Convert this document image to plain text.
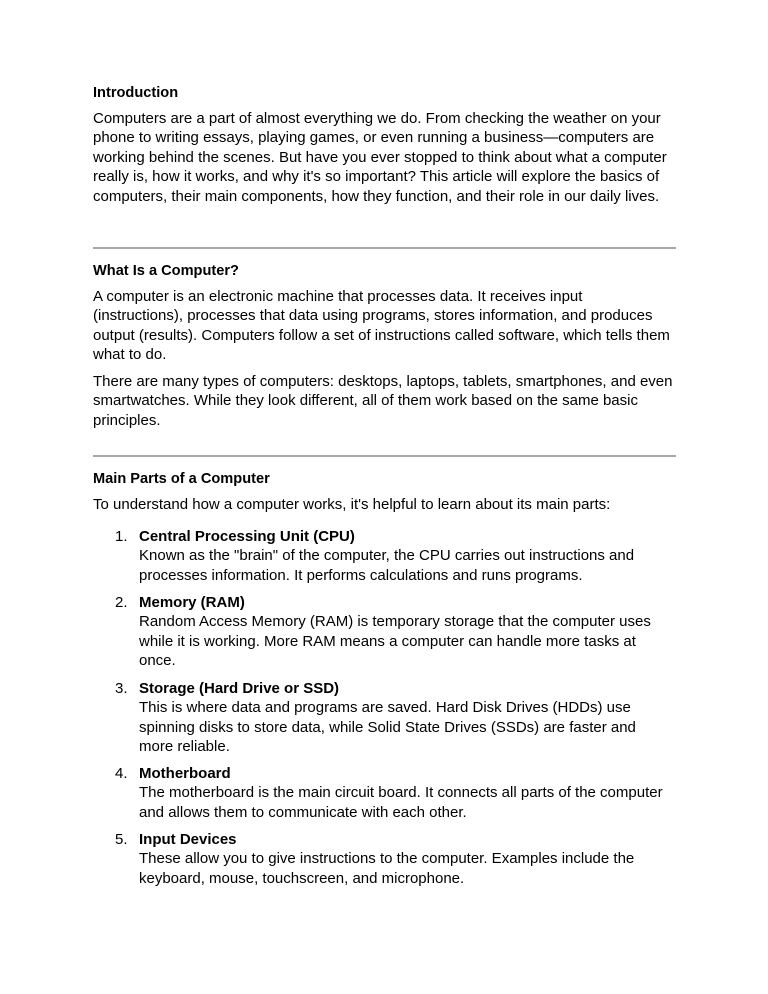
Introduction

Computers are a part of almost everything we do. From checking the weather on your phone to writing essays, playing games, or even running a business—computers are working behind the scenes. But have you ever stopped to think about what a computer really is, how it works, and why it's so important? This article will explore the basics of computers, their main components, how they function, and their role in our daily lives.

What Is a Computer?

A computer is an electronic machine that processes data. It receives input (instructions), processes that data using programs, stores information, and produces output (results). Computers follow a set of instructions called software, which tells them what to do.

There are many types of computers: desktops, laptops, tablets, smartphones, and even smartwatches. While they look different, all of them work based on the same basic principles.

Main Parts of a Computer

To understand how a computer works, it's helpful to learn about its main parts:

1. Central Processing Unit (CPU)
Known as the "brain" of the computer, the CPU carries out instructions and processes information. It performs calculations and runs programs.
2. Memory (RAM)
Random Access Memory (RAM) is temporary storage that the computer uses while it is working. More RAM means a computer can handle more tasks at once.
3. Storage (Hard Drive or SSD)
This is where data and programs are saved. Hard Disk Drives (HDDs) use spinning disks to store data, while Solid State Drives (SSDs) are faster and more reliable.
4. Motherboard
The motherboard is the main circuit board. It connects all parts of the computer and allows them to communicate with each other.
5. Input Devices
These allow you to give instructions to the computer. Examples include the keyboard, mouse, touchscreen, and microphone.
